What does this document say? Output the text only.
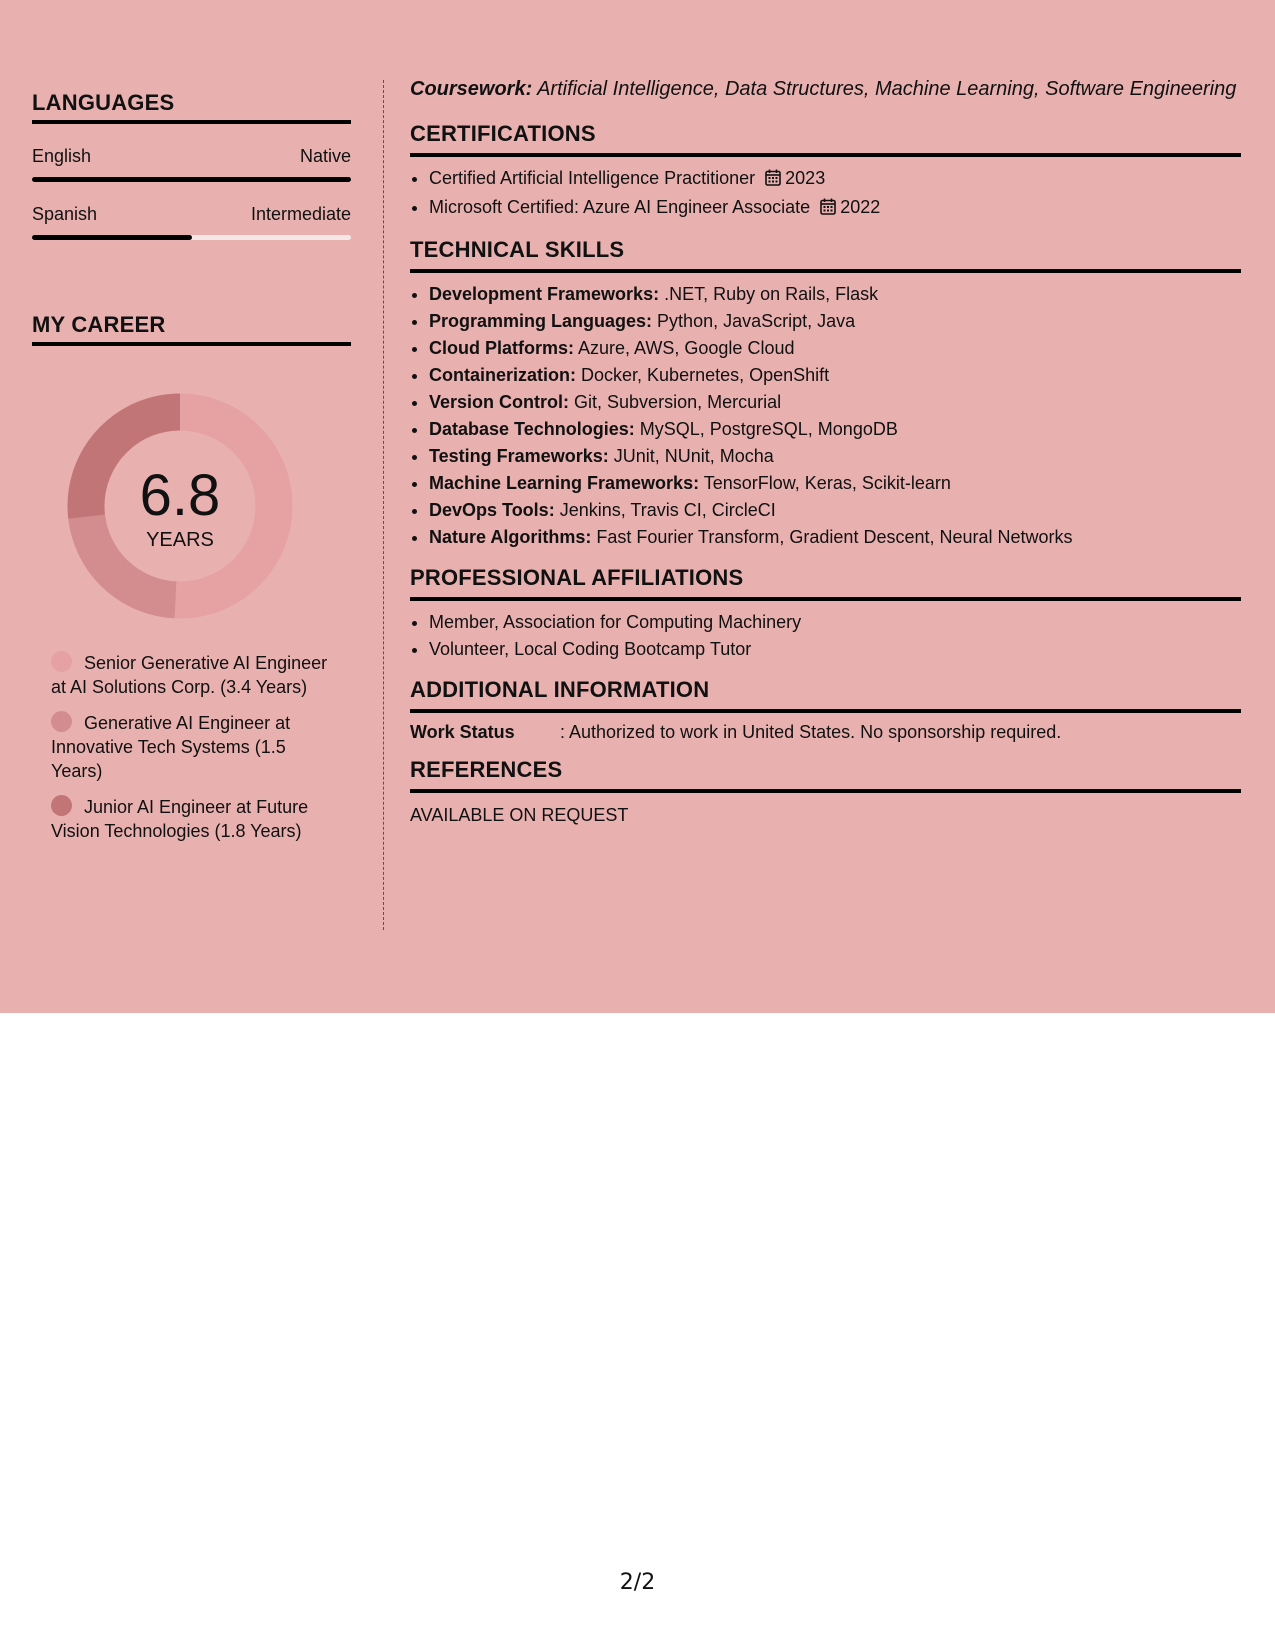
LANGUAGES
English	Native
Spanish	Intermediate
MY CAREER
6.8
YEARS
Senior Generative AI Engineer at AI Solutions Corp. (3.4 Years)
Generative AI Engineer at Innovative Tech Systems (1.5 Years)
Junior AI Engineer at Future Vision Technologies (1.8 Years)

Coursework: Artificial Intelligence, Data Structures, Machine Learning, Software Engineering

CERTIFICATIONS
• Certified Artificial Intelligence Practitioner 2023
• Microsoft Certified: Azure AI Engineer Associate 2022
TECHNICAL SKILLS
• Development Frameworks: .NET, Ruby on Rails, Flask
• Programming Languages: Python, JavaScript, Java
• Cloud Platforms: Azure, AWS, Google Cloud
• Containerization: Docker, Kubernetes, OpenShift
• Version Control: Git, Subversion, Mercurial
• Database Technologies: MySQL, PostgreSQL, MongoDB
• Testing Frameworks: JUnit, NUnit, Mocha
• Machine Learning Frameworks: TensorFlow, Keras, Scikit-learn
• DevOps Tools: Jenkins, Travis CI, CircleCI
• Nature Algorithms: Fast Fourier Transform, Gradient Descent, Neural Networks
PROFESSIONAL AFFILIATIONS
• Member, Association for Computing Machinery
• Volunteer, Local Coding Bootcamp Tutor
ADDITIONAL INFORMATION
Work Status	: Authorized to work in United States. No sponsorship required.
REFERENCES
AVAILABLE ON REQUEST
2/2
